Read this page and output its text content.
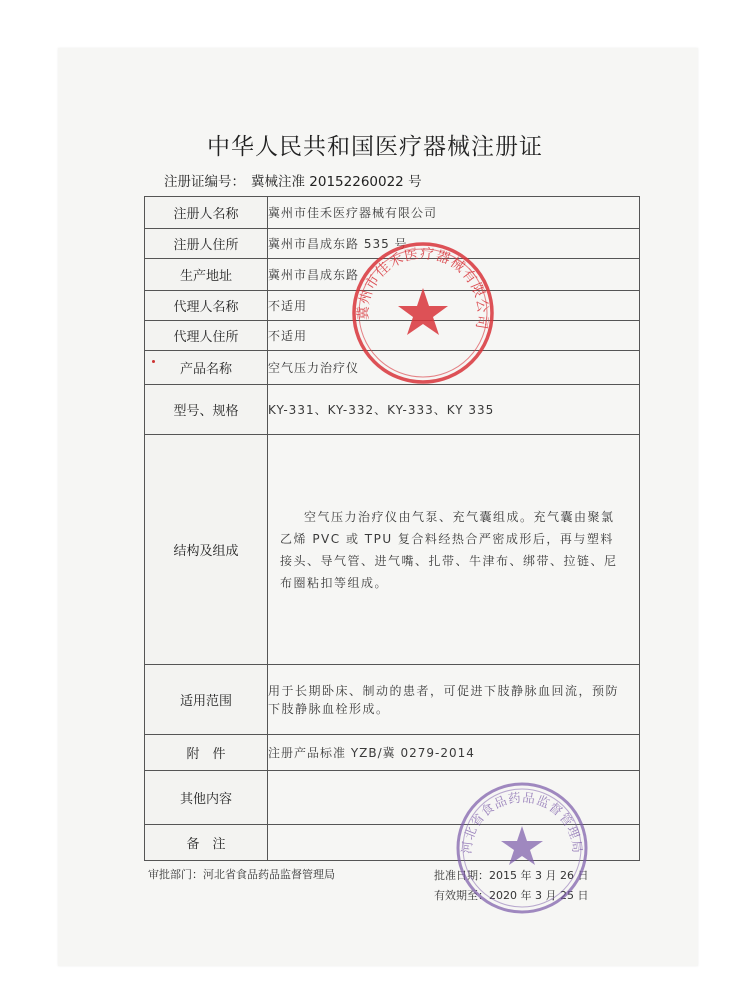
中华人民共和国医疗器械注册证
注册证编号： 冀械注准 20152260022 号
注册人名称	冀州市佳禾医疗器械有限公司
注册人住所	冀州市昌成东路 535 号
生产地址	冀州市昌成东路
代理人名称	不适用
代理人住所	不适用
产品名称	空气压力治疗仪
型号、规格	KY-331、KY-332、KY-333、KY 335
结构及组成	空气压力治疗仪由气泵、充气囊组成。充气囊由聚氯乙烯 PVC 或 TPU 复合料经热合严密成形后，再与塑料接头、导气管、进气嘴、扎带、牛津布、绑带、拉链、尼布圈粘扣等组成。

适用范围	用于长期卧床、制动的患者，可促进下肢静脉血回流，预防下肢静脉血栓形成。

附　件	注册产品标准 YZB/冀 0279-2014
其他内容	
备　注	
审批部门：河北省食品药品监督管理局	批准日期：2015 年 3 月 26 日
有效期至：2020 年 3 月 25 日
冀州市佳禾医疗器械有限公司
河北省食品药品监督管理局
